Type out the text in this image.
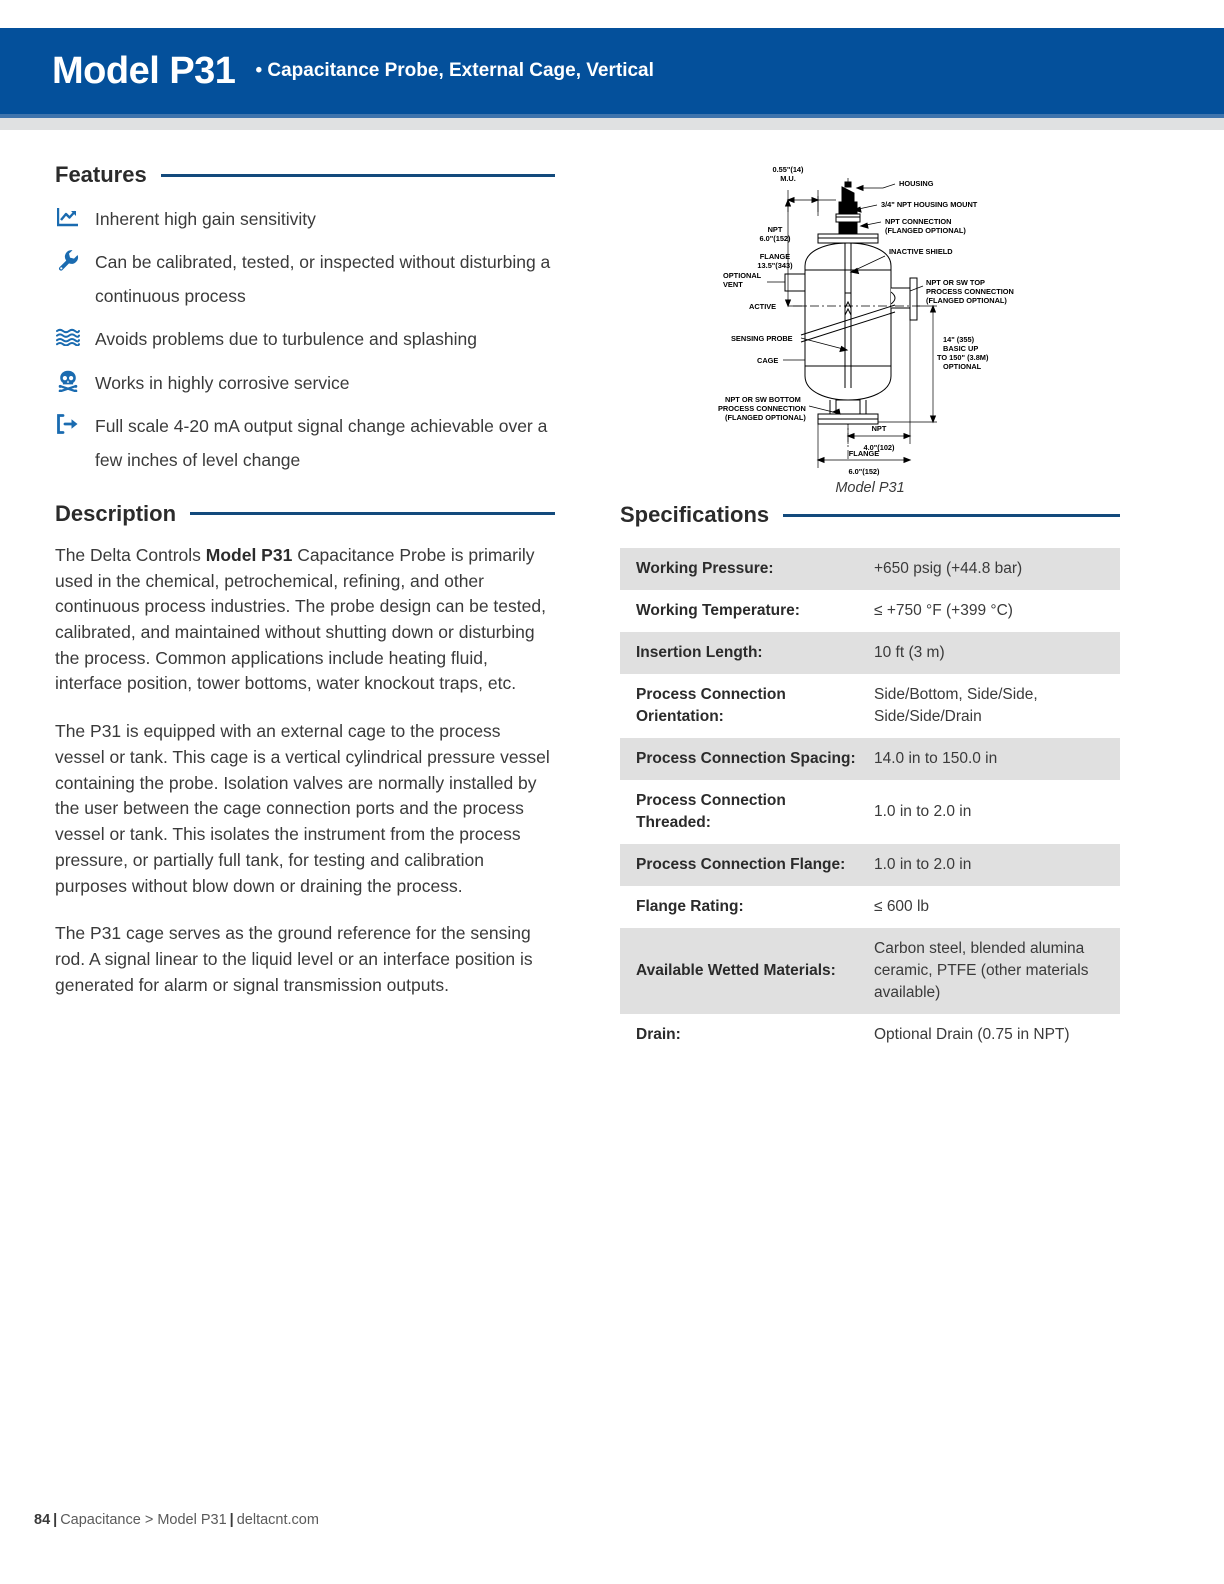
Model P31 • Capacitance Probe, External Cage, Vertical
Features
Inherent high gain sensitivity
Can be calibrated, tested, or inspected without disturbing a continuous process
Avoids problems due to turbulence and splashing
Works in highly corrosive service
Full scale 4-20 mA output signal change achievable over a few inches of level change
Description

The Delta Controls Model P31 Capacitance Probe is primarily used in the chemical, petrochemical, refining, and other continuous process industries. The probe design can be tested, calibrated, and maintained without shutting down or disturbing the process. Common applications include heating fluid, interface position, tower bottoms, water knockout traps, etc.

The P31 is equipped with an external cage to the process vessel or tank. This cage is a vertical cylindrical pressure vessel containing the probe. Isolation valves are normally installed by the user between the cage connection ports and the process vessel or tank. This isolates the instrument from the process pressure, or partially full tank, for testing and calibration purposes without blow down or draining the process.

The P31 cage serves as the ground reference for the sensing rod. A signal linear to the liquid level or an interface position is generated for alarm or signal transmission outputs.

0.55"(14)
M.U.
HOUSING
3/4" NPT HOUSING MOUNT
NPT CONNECTION
(FLANGED OPTIONAL)
NPT
6.0"(152)
FLANGE
13.5"(343)
INACTIVE SHIELD
OPTIONAL
VENT
ACTIVE
NPT OR SW TOP
PROCESS CONNECTION
(FLANGED OPTIONAL)
SENSING PROBE
CAGE
14" (355)
BASIC UP
TO 150" (3.8M)
OPTIONAL
NPT OR SW BOTTOM
PROCESS CONNECTION
(FLANGED OPTIONAL)
NPT
4.0"(102)
FLANGE
6.0"(152)
Model P31
Specifications
Working Pressure:	+650 psig (+44.8 bar)
Working Temperature:	≤ +750 °F (+399 °C)
Insertion Length:	10 ft (3 m)
Process Connection Orientation:	Side/Bottom, Side/Side, Side/Side/Drain
Process Connection Spacing:	14.0 in to 150.0 in
Process Connection Threaded:	1.0 in to 2.0 in
Process Connection Flange:	1.0 in to 2.0 in
Flange Rating:	≤ 600 lb
Available Wetted Materials:	Carbon steel, blended alumina ceramic, PTFE (other materials available)
Drain:	Optional Drain (0.75 in NPT)
84 | Capacitance > Model P31 | deltacnt.com
